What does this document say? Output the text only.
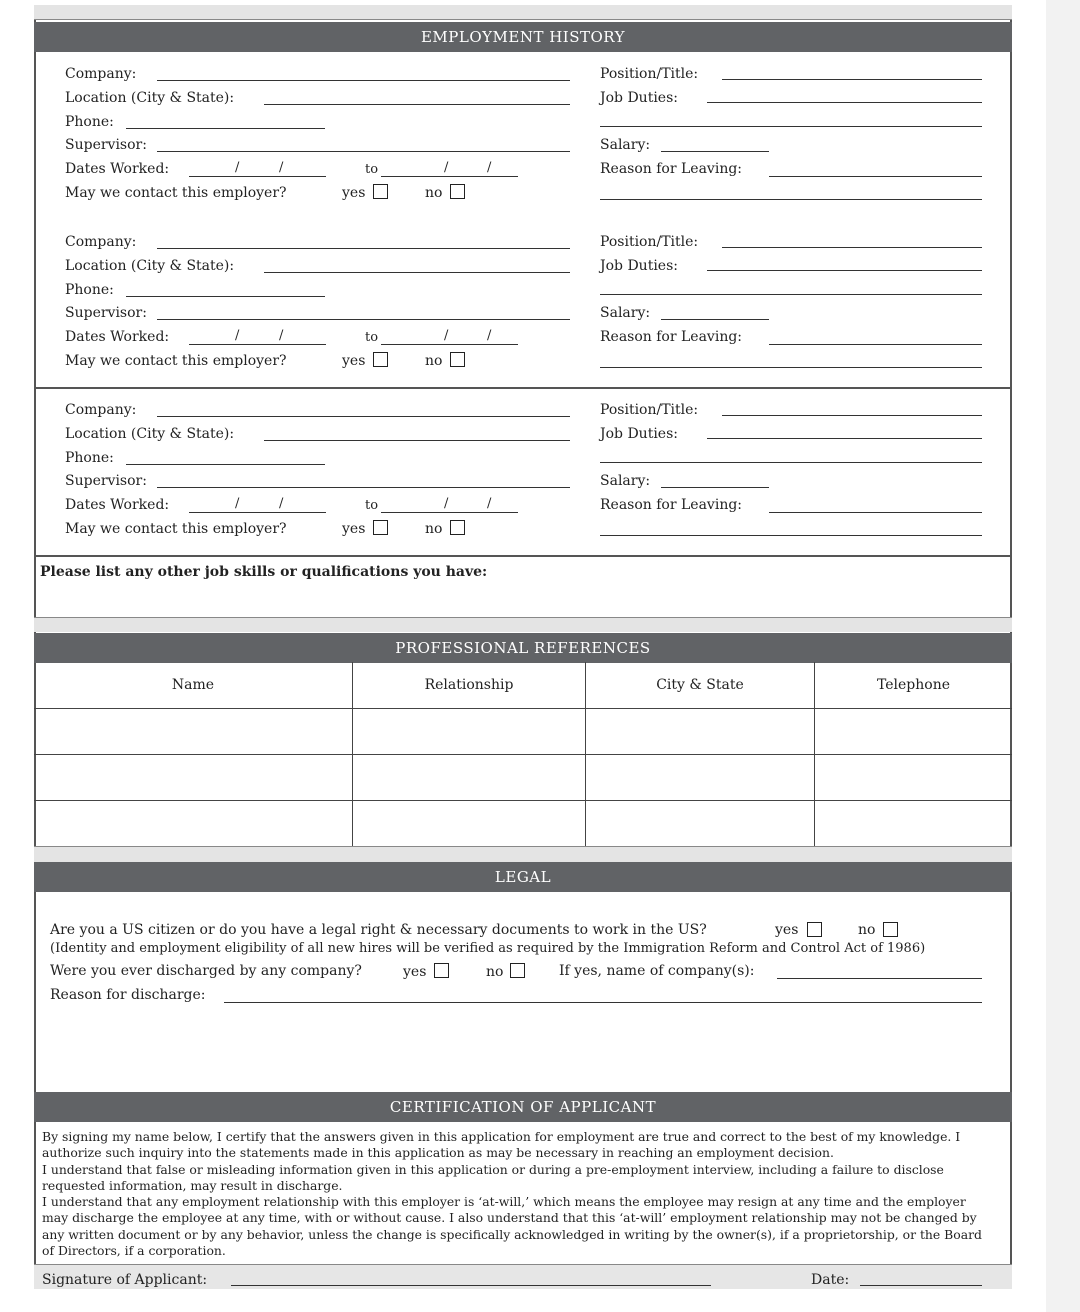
EMPLOYMENT HISTORY
Company:
Location (City & State):
Phone:
Supervisor:
Dates Worked:	/	/	to	/	/
May we contact this employer?	yes	no
Position/Title:
Job Duties:
Salary:
Reason for Leaving:
Company:
Location (City & State):
Phone:
Supervisor:
Dates Worked:	/	/	to	/	/
May we contact this employer?	yes	no
Position/Title:
Job Duties:
Salary:
Reason for Leaving:
Company:
Location (City & State):
Phone:
Supervisor:
Dates Worked:	/	/	to	/	/
May we contact this employer?	yes	no
Position/Title:
Job Duties:
Salary:
Reason for Leaving:
Please list any other job skills or qualifications you have:
PROFESSIONAL REFERENCES
Name	Relationship	City & State	Telephone
LEGAL
Are you a US citizen or do you have a legal right & necessary documents to work in the US?	yes	no
(Identity and employment eligibility of all new hires will be verified as required by the Immigration Reform and Control Act of 1986)
Were you ever discharged by any company?	yes	no	If yes, name of company(s):
Reason for discharge:
CERTIFICATION OF APPLICANT

By signing my name below, I certify that the answers given in this application for employment are true and correct to the best of my knowledge. I authorize such inquiry into the statements made in this application as may be necessary in reaching an employment decision.

I understand that false or misleading information given in this application or during a pre-employment interview, including a failure to disclose requested information, may result in discharge.

I understand that any employment relationship with this employer is ‘at-will,’ which means the employee may resign at any time and the employer may discharge the employee at any time, with or without cause. I also understand that this ‘at-will’ employment relationship may not be changed by any written document or by any behavior, unless the change is specifically acknowledged in writing by the owner(s), if a proprietorship, or the Board of Directors, if a corporation.

Signature of Applicant:	Date:
